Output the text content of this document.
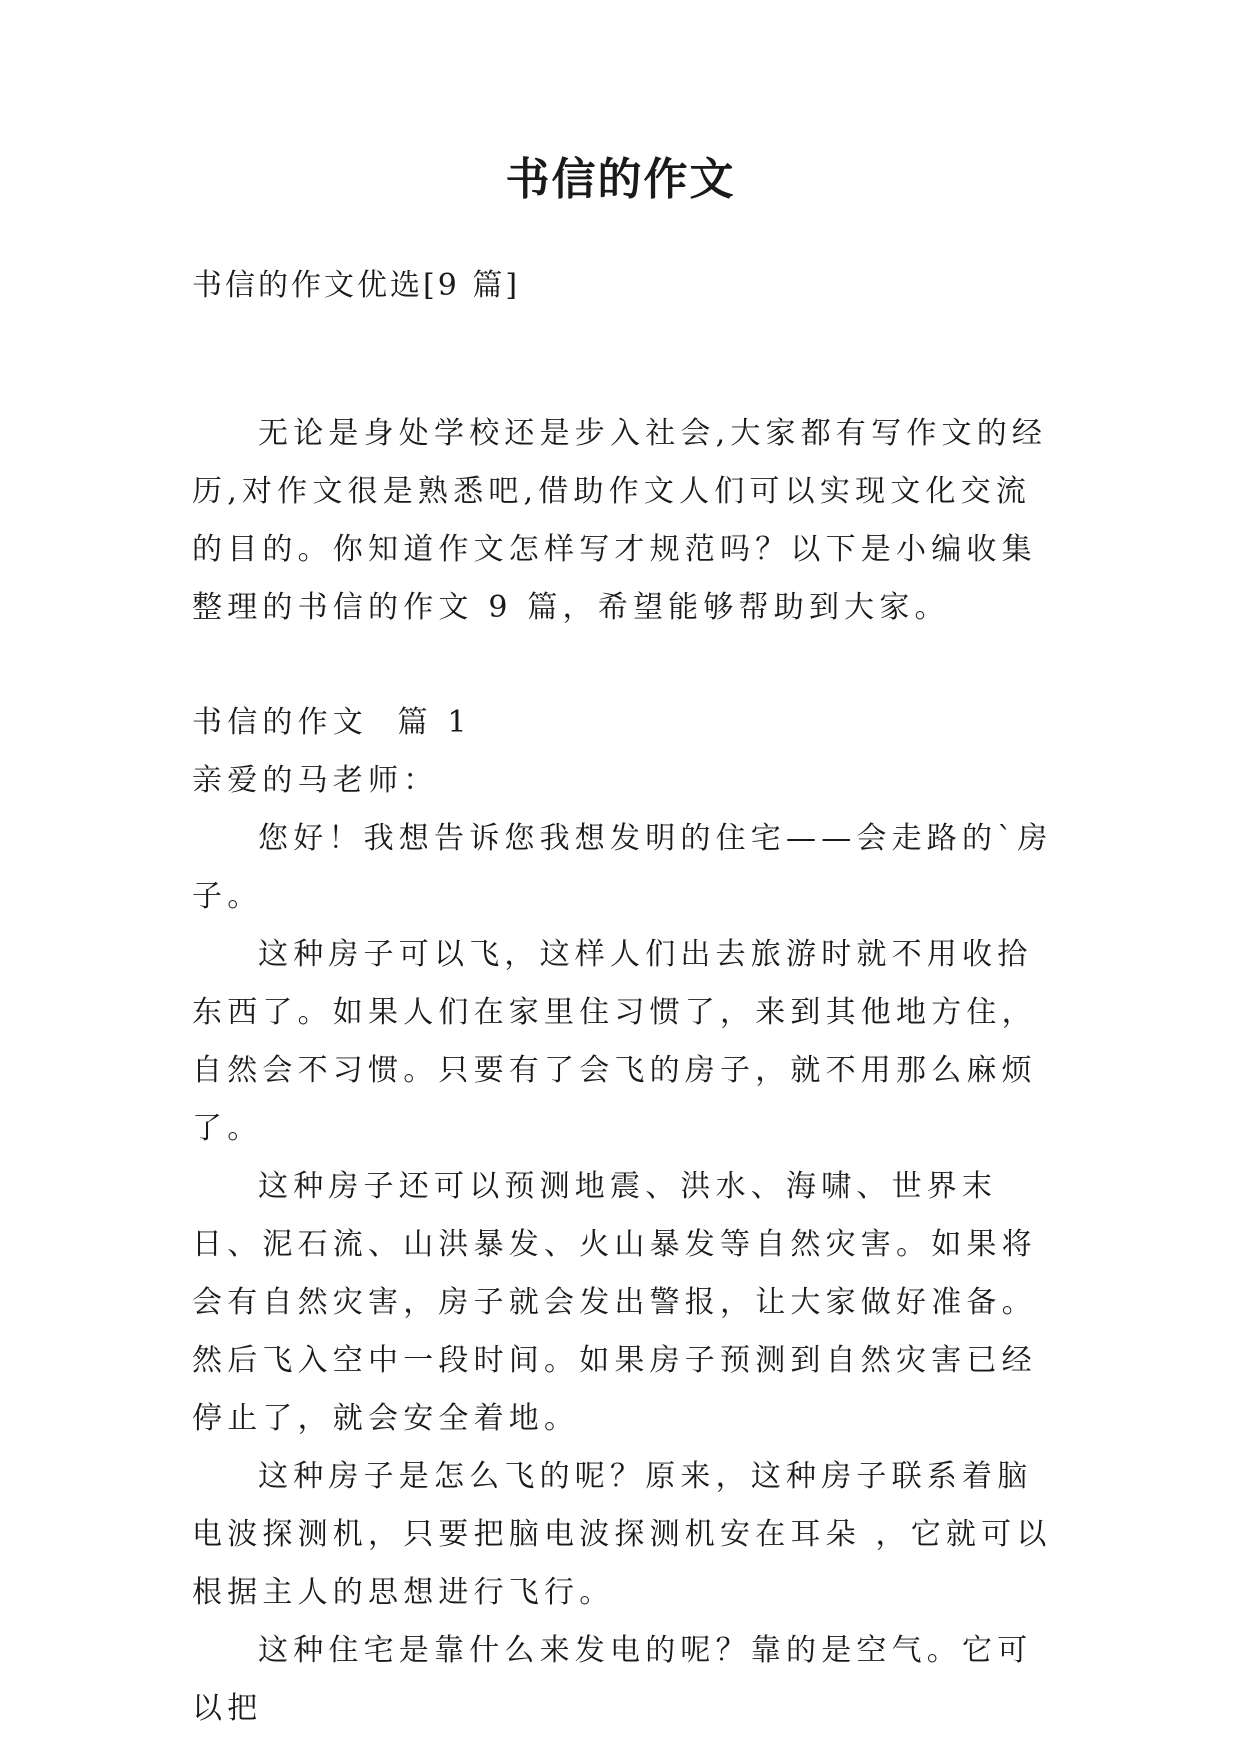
书信的作文
书信的作文优选[9 篇]

无论是身处学校还是步入社会,大家都有写作文的经历,对作文很是熟悉吧,借助作文人们可以实现文化交流的目的。你知道作文怎样写才规范吗？以下是小编收集整理的书信的作文 9 篇，希望能够帮助到大家。

书信的作文  篇 1

亲爱的马老师：

您好！我想告诉您我想发明的住宅——会走路的`房子。

这种房子可以飞，这样人们出去旅游时就不用收拾东西了。如果人们在家里住习惯了，来到其他地方住，自然会不习惯。只要有了会飞的房子，就不用那么麻烦了。

这种房子还可以预测地震、洪水、海啸、世界末日、泥石流、山洪暴发、火山暴发等自然灾害。如果将会有自然灾害，房子就会发出警报，让大家做好准备。然后飞入空中一段时间。如果房子预测到自然灾害已经停止了，就会安全着地。

这种房子是怎么飞的呢？原来，这种房子联系着脑电波探测机，只要把脑电波探测机安在耳朵 ，它就可以根据主人的思想进行飞行。

这种住宅是靠什么来发电的呢？靠的是空气。它可以把
